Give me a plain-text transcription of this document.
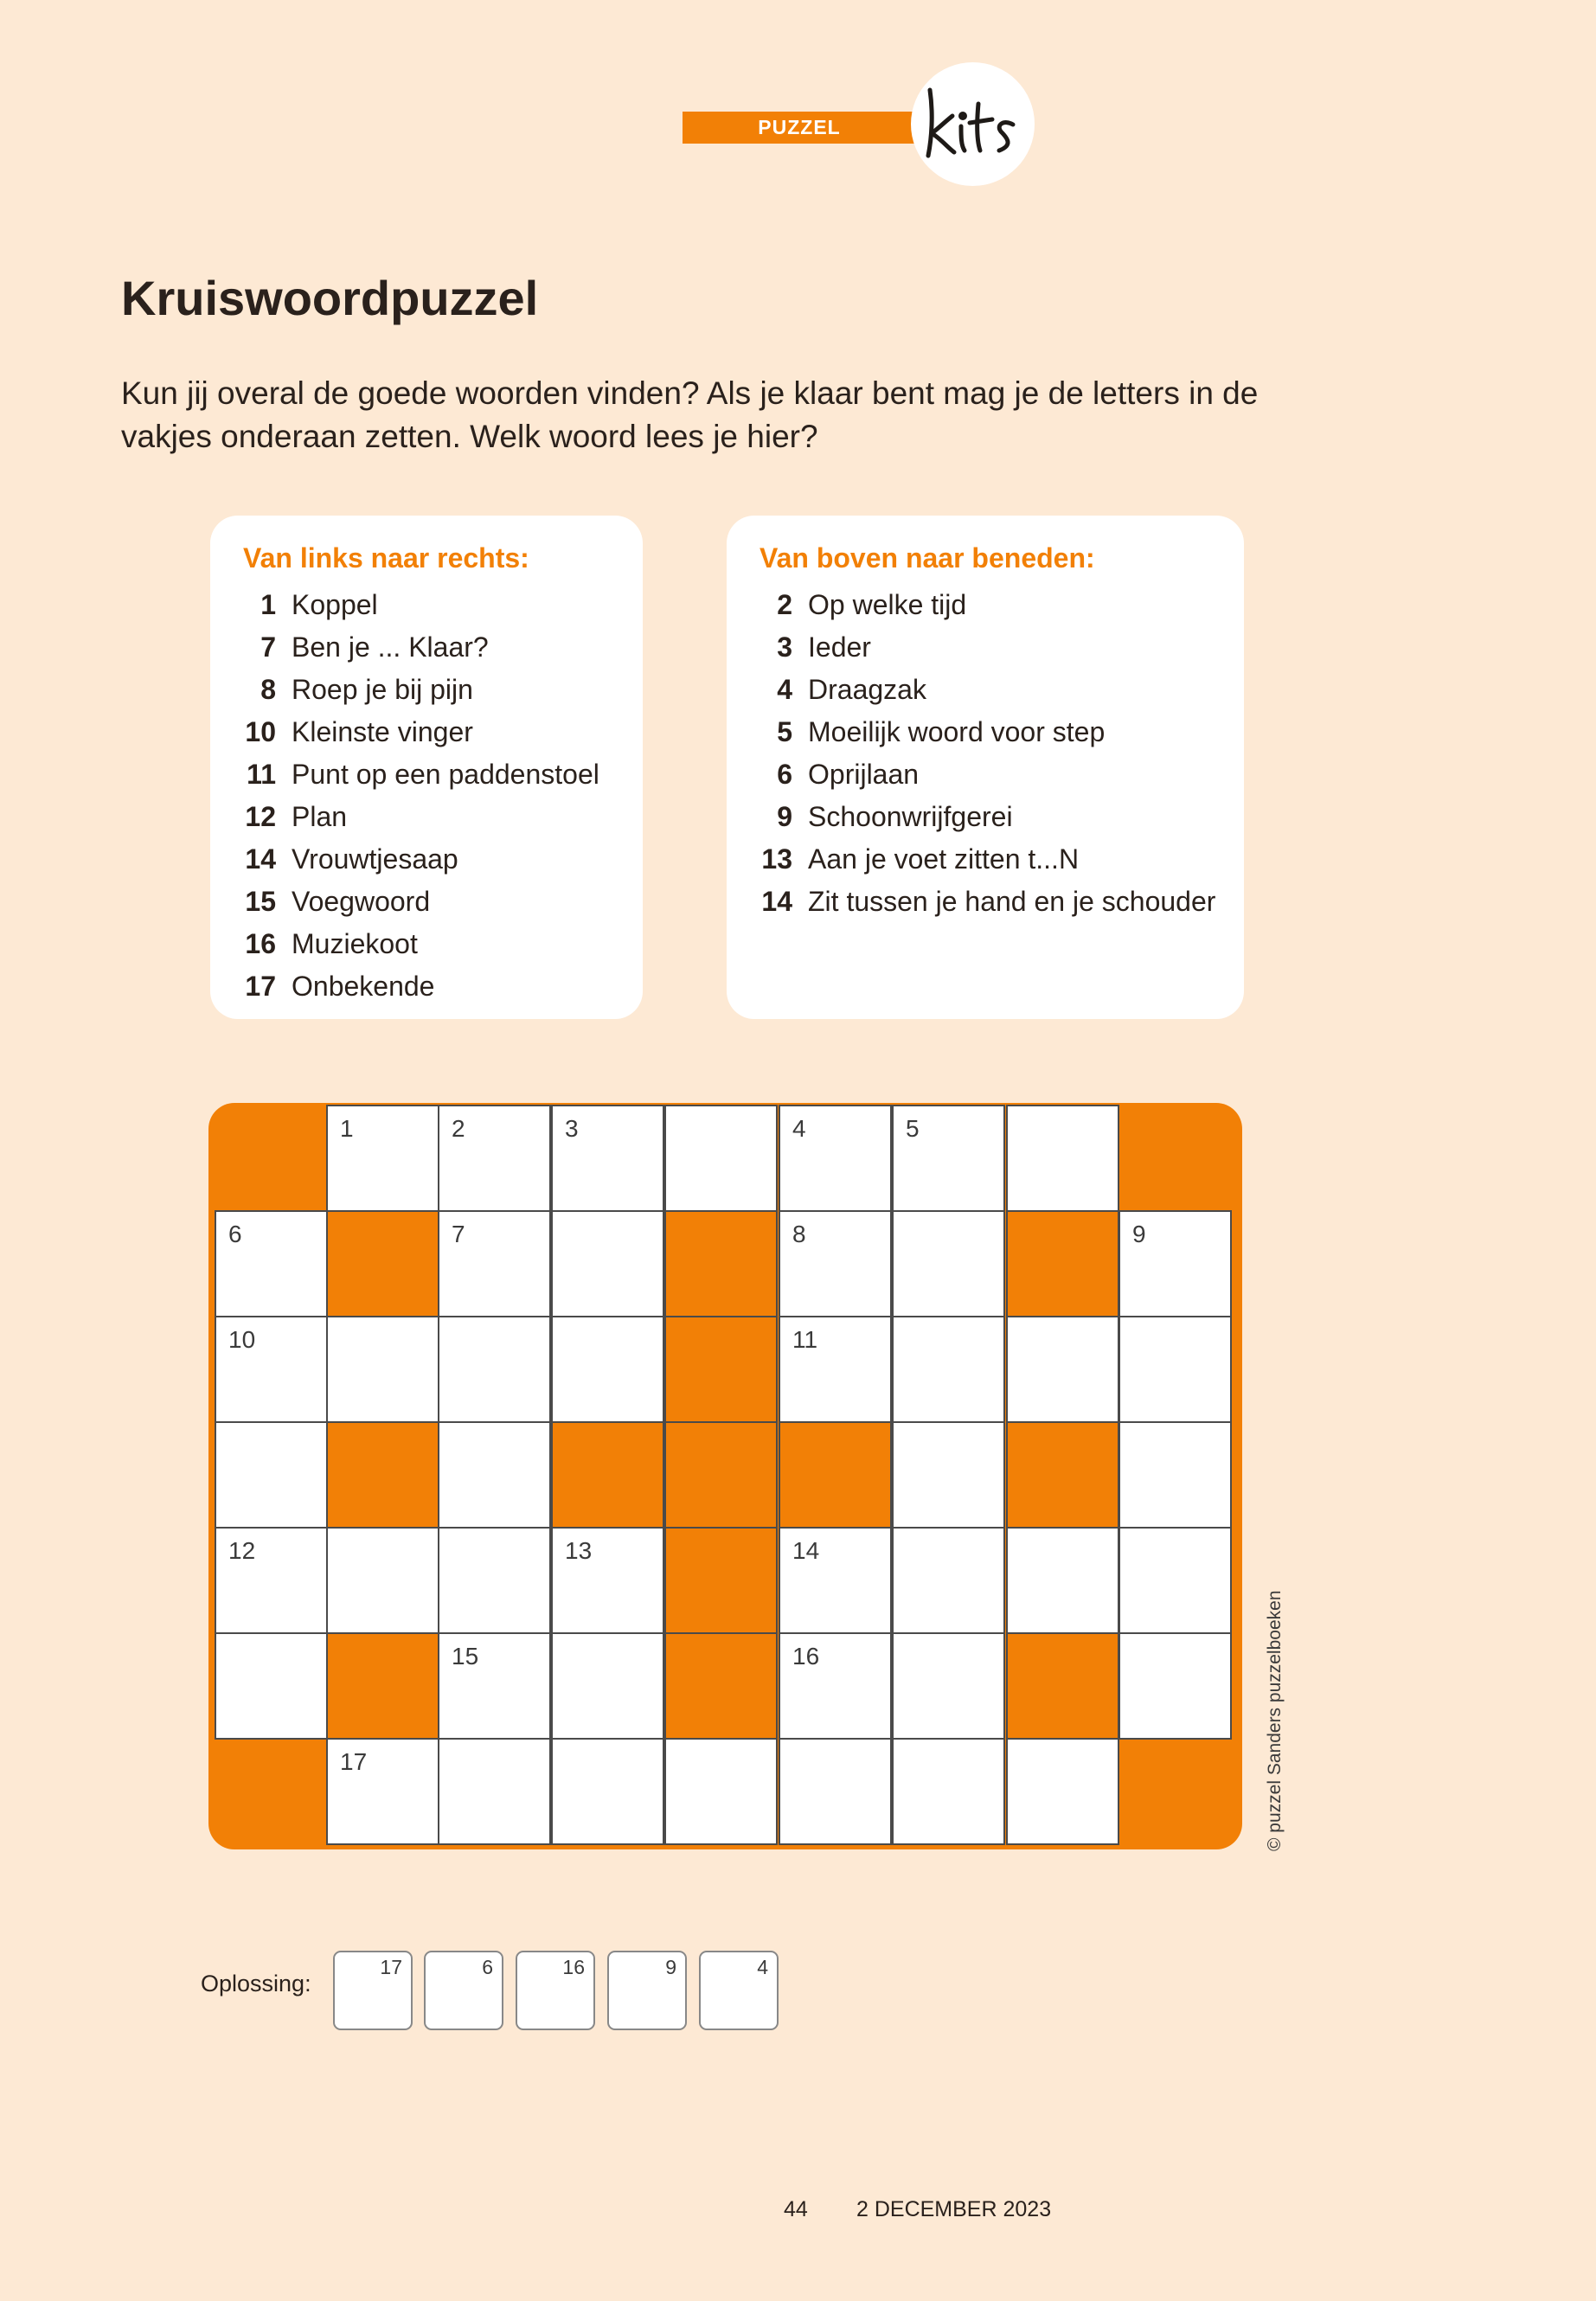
PUZZEL
Kruiswoordpuzzel

Kun jij overal de goede woorden vinden? Als je klaar bent mag je de letters in de vakjes onderaan zetten. Welk woord lees je hier?

Van links naar rechts:
1 Koppel
7 Ben je ... Klaar?
8 Roep je bij pijn
10 Kleinste vinger
11 Punt op een paddenstoel
12 Plan
14 Vrouwtjesaap
15 Voegwoord
16 Muziekoot
17 Onbekende
Van boven naar beneden:
2 Op welke tijd
3 Ieder
4 Draagzak
5 Moeilijk woord voor step
6 Oprijlaan
9 Schoonwrijfgerei
13 Aan je voet zitten t...N
14 Zit tussen je hand en je schouder
1	2	3	4	5
6	7	8	9
10	11
12	13	14
15	16
17	© puzzel Sanders puzzelboeken
Oplossing:
17	6	16	9	4
44 2 DECEMBER 2023
